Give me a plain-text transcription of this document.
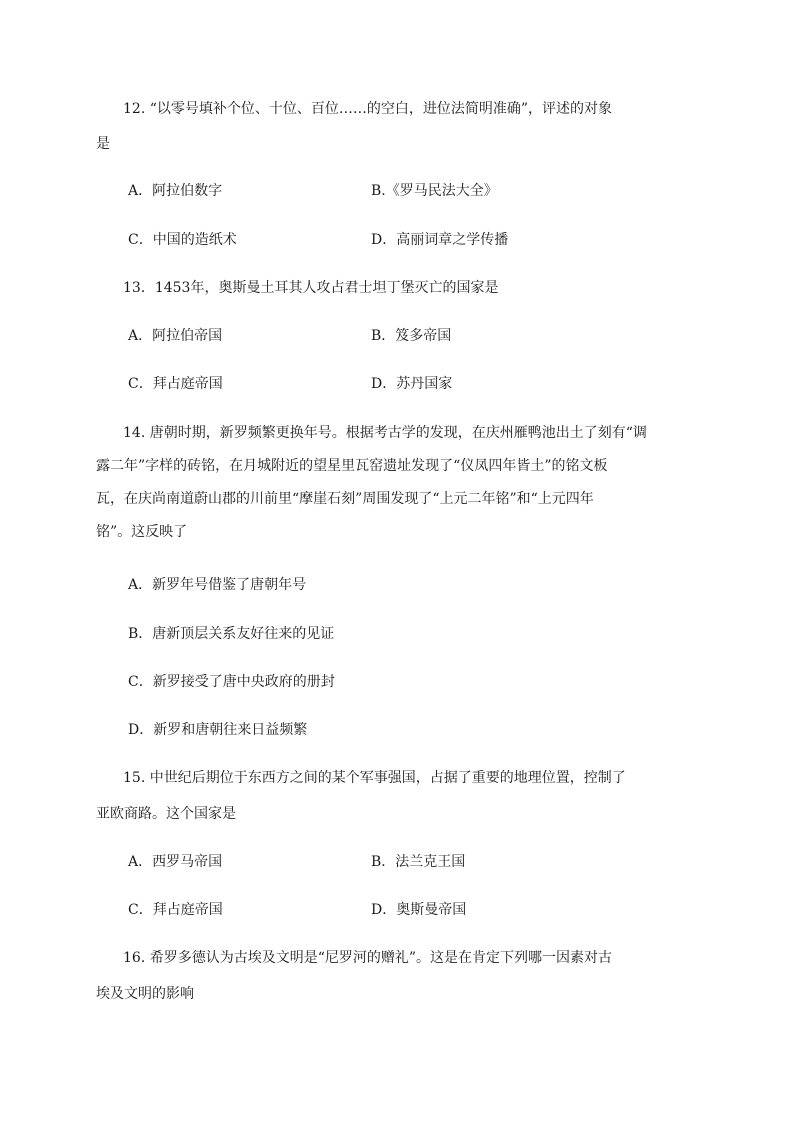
12. “以零号填补个位、十位、百位……的空白，进位法简明准确”，评述的对象
是
A．阿拉伯数字	B.《罗马民法大全》
C．中国的造纸术	D．高丽词章之学传播
13．1453年，奥斯曼土耳其人攻占君士坦丁堡灭亡的国家是
A．阿拉伯帝国	B．笈多帝国
C．拜占庭帝国	D．苏丹国家
14. 唐朝时期，新罗频繁更换年号。根据考古学的发现，在庆州雁鸭池出土了刻有“调
露二年”字样的砖铭，在月城附近的望星里瓦窑遗址发现了“仪凤四年皆土”的铭文板
瓦，在庆尚南道蔚山郡的川前里“摩崖石刻”周围发现了“上元二年铭”和“上元四年
铭”。这反映了
A．新罗年号借鉴了唐朝年号
B．唐新顶层关系友好往来的见证
C．新罗接受了唐中央政府的册封
D．新罗和唐朝往来日益频繁
15. 中世纪后期位于东西方之间的某个军事强国，占据了重要的地理位置，控制了
亚欧商路。这个国家是
A．西罗马帝国	B．法兰克王国
C．拜占庭帝国	D．奥斯曼帝国
16. 希罗多德认为古埃及文明是“尼罗河的赠礼”。这是在肯定下列哪一因素对古
埃及文明的影响
